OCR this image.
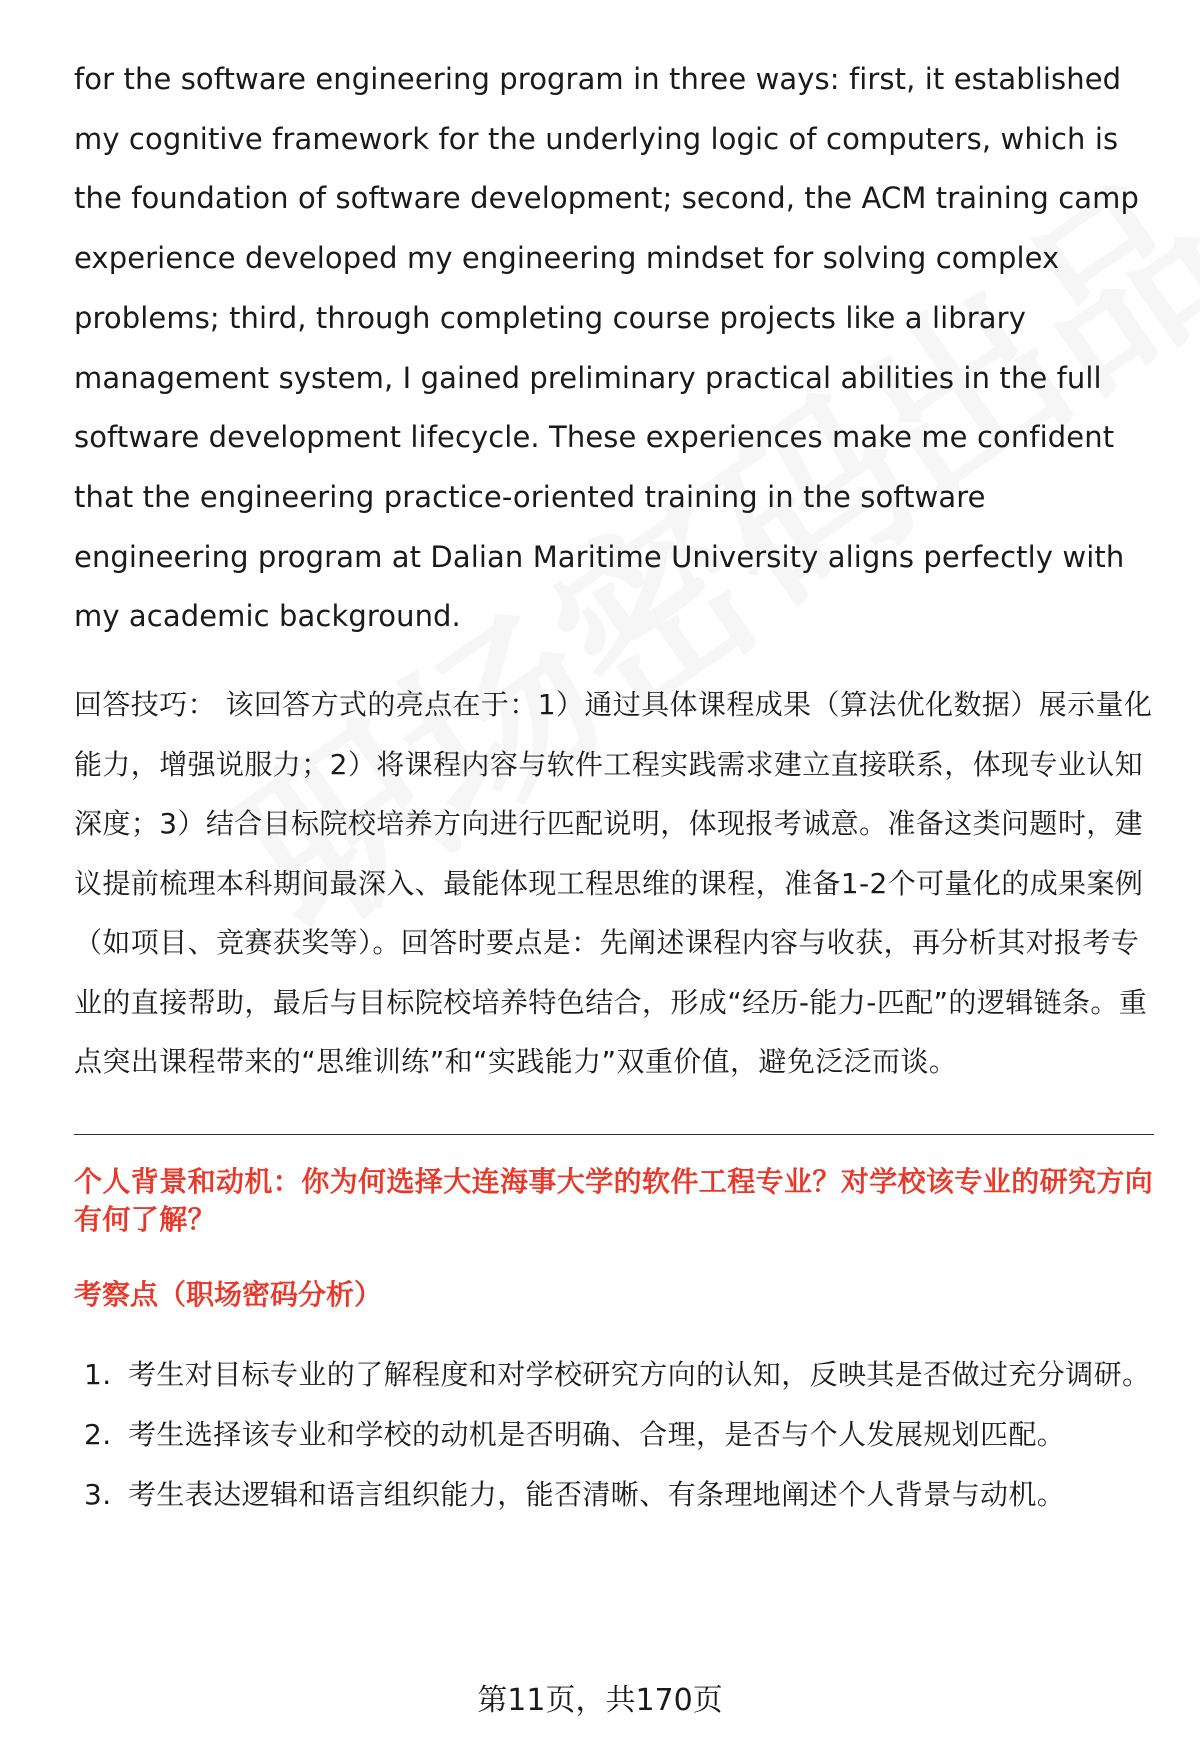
for the software engineering program in three ways: first, it established my cognitive framework for the underlying logic of computers, which is the foundation of software development; second, the ACM training camp experience developed my engineering mindset for solving complex problems; third, through completing course projects like a library management system, I gained preliminary practical abilities in the full software development lifecycle. These experiences make me confident that the engineering practice-oriented training in the software engineering program at Dalian Maritime University aligns perfectly with my academic background.

回答技巧： 该回答方式的亮点在于：1）通过具体课程成果（算法优化数据）展示量化能力，增强说服力；2）将课程内容与软件工程实践需求建立直接联系，体现专业认知深度；3）结合目标院校培养方向进行匹配说明，体现报考诚意。准备这类问题时，建议提前梳理本科期间最深入、最能体现工程思维的课程，准备1-2个可量化的成果案例（如项目、竞赛获奖等）。回答时要点是：先阐述课程内容与收获，再分析其对报考专业的直接帮助，最后与目标院校培养特色结合，形成“经历-能力-匹配”的逻辑链条。重点突出课程带来的“思维训练”和“实践能力”双重价值，避免泛泛而谈。

个人背景和动机：你为何选择大连海事大学的软件工程专业？对学校该专业的研究方向有何了解？
考察点（职场密码分析）
1. 考生对目标专业的了解程度和对学校研究方向的认知，反映其是否做过充分调研。
2. 考生选择该专业和学校的动机是否明确、合理，是否与个人发展规划匹配。
3. 考生表达逻辑和语言组织能力，能否清晰、有条理地阐述个人背景与动机。
第11页，共170页
